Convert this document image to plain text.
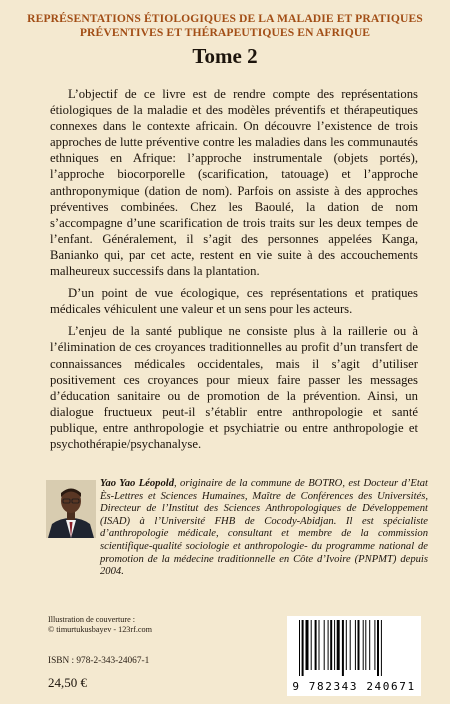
REPRÉSENTATIONS ÉTIOLOGIQUES DE LA MALADIE ET PRATIQUES
PRÉVENTIVES ET THÉRAPEUTIQUES EN AFRIQUE
Tome 2

L’objectif de ce livre est de rendre compte des représentations étiologiques de la maladie et des modèles préventifs et thérapeutiques connexes dans le contexte africain. On découvre l’existence de trois approches de lutte préventive contre les maladies dans les communautés ethniques en Afrique: l’approche instrumentale (objets portés), l’approche biocorporelle (scarification, tatouage) et l’approche anthroponymique (dation de nom). Parfois on assiste à des approches préventives combinées. Chez les Baoulé, la dation de nom s’accompagne d’une scarification de trois traits sur les deux tempes de l’enfant. Généralement, il s’agit des personnes appelées Kanga, Banianko qui, par cet acte, restent en vie suite à des accouchements malheureux successifs dans la plantation.

D’un point de vue écologique, ces représentations et pratiques médicales véhiculent une valeur et un sens pour les acteurs.

L’enjeu de la santé publique ne consiste plus à la raillerie ou à l’élimination de ces croyances traditionnelles au profit d’un transfert de connaissances médicales occidentales, mais il s’agit d’utiliser positivement ces croyances pour mieux faire passer les messages d’éducation sanitaire ou de promotion de la prévention. Ainsi, un dialogue fructueux peut-il s’établir entre anthropologie et santé publique, entre anthropologie et psychiatrie ou entre anthropologie et psychothérapie/psychanalyse.

Yao Yao Léopold, originaire de la commune de BOTRO, est Docteur d’Etat Ès-Lettres et Sciences Humaines, Maître de Conférences des Universités, Directeur de l’Institut des Sciences Anthropologiques de Développement (ISAD) à l’Université FHB de Cocody-Abidjan. Il est spécialiste d’anthropologie médicale, consultant et membre de la commission scientifique-qualité sociologie et anthropologie- du programme national de promotion de la médecine traditionnelle en Côte d’Ivoire (PNPMT) depuis 2004.

Illustration de couverture :
© timurtukusbayev - 123rf.com
ISBN : 978-2-343-24067-1
24,50 €	9 782343 240671
